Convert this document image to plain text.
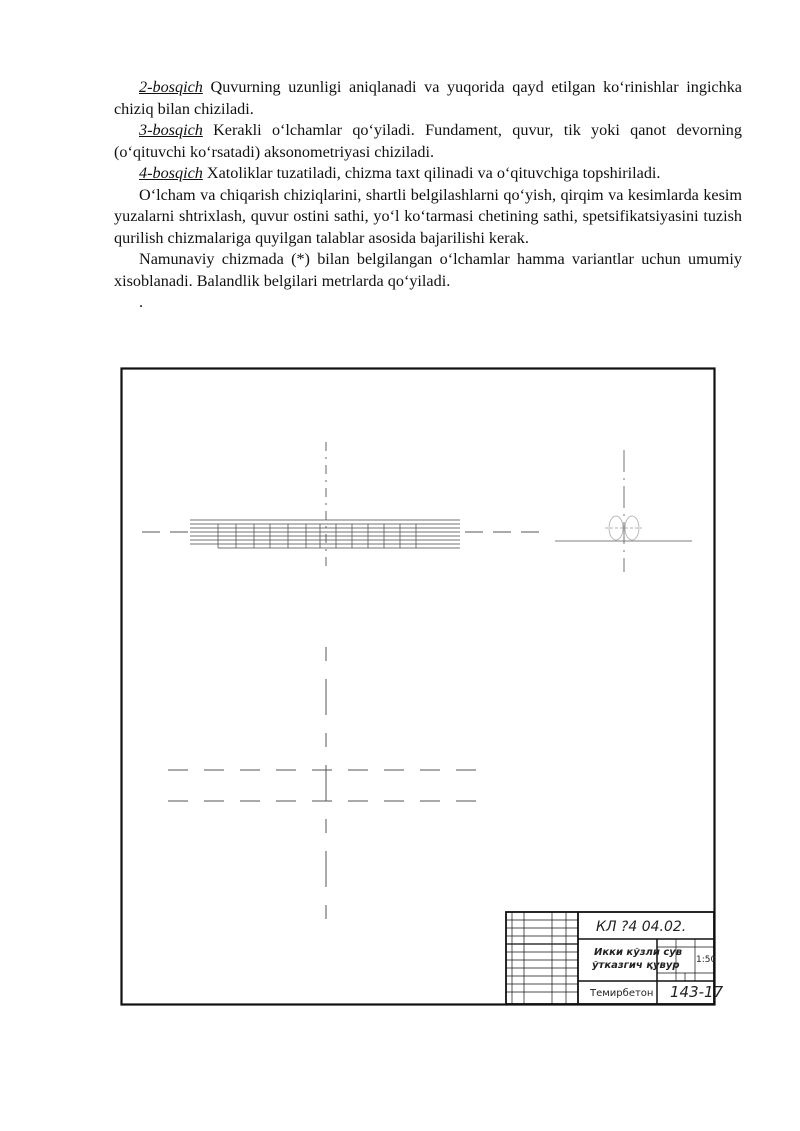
2-bosqich Quvurning uzunligi aniqlanadi va yuqorida qayd etilgan ko‘rinishlar ingichka chiziq bilan chiziladi.

3-bosqich Kerakli o‘lchamlar qo‘yiladi. Fundament, quvur, tik yoki qanot devorning (o‘qituvchi ko‘rsatadi) aksonometriyasi chiziladi.

4-bosqich Xatoliklar tuzatiladi, chizma taxt qilinadi va o‘qituvchiga topshiriladi.

O‘lcham va chiqarish chiziqlarini, shartli belgilashlarni qo‘yish, qirqim va kesimlarda kesim yuzalarni shtrixlash, quvur ostini sathi, yo‘l ko‘tarmasi chetining sathi, spetsifikatsiyasini tuzish qurilish chizmalariga quyilgan talablar asosida bajarilishi kerak.

Namunaviy chizmada (*) bilan belgilangan o‘lchamlar hamma variantlar uchun umumiy xisoblanadi. Balandlik belgilari metrlarda qo‘yiladi.

.

КЛ ?4 04.02.
Икки кўзли сув
ўтказгич қувур 1:50
Темирбетон 143-17
